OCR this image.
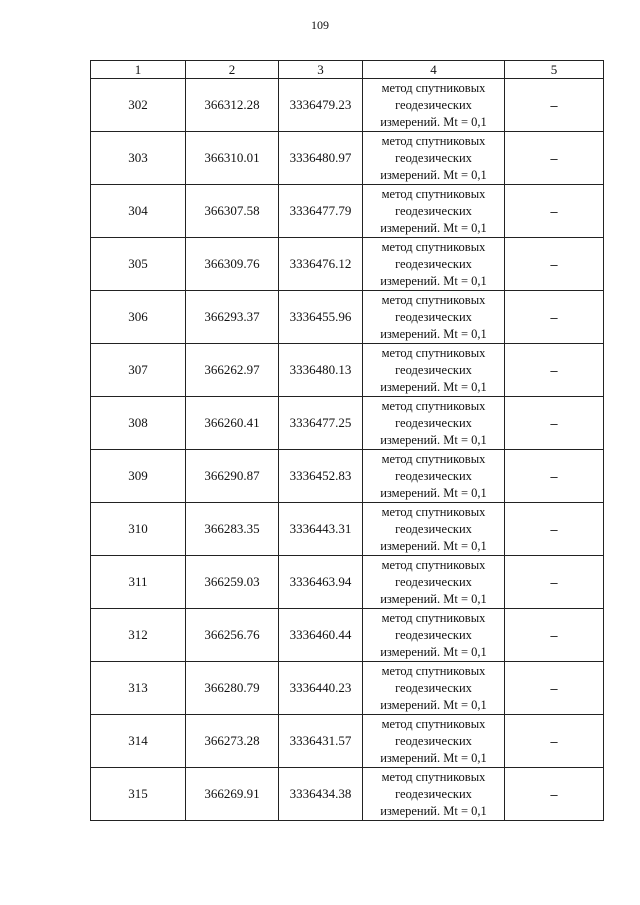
109
1	2	3	4	5
302	366312.28	3336479.23	метод спутниковых
геодезических
измерений. Mt = 0,1	–
303	366310.01	3336480.97	метод спутниковых
геодезических
измерений. Mt = 0,1	–
304	366307.58	3336477.79	метод спутниковых
геодезических
измерений. Mt = 0,1	–
305	366309.76	3336476.12	метод спутниковых
геодезических
измерений. Mt = 0,1	–
306	366293.37	3336455.96	метод спутниковых
геодезических
измерений. Mt = 0,1	–
307	366262.97	3336480.13	метод спутниковых
геодезических
измерений. Mt = 0,1	–
308	366260.41	3336477.25	метод спутниковых
геодезических
измерений. Mt = 0,1	–
309	366290.87	3336452.83	метод спутниковых
геодезических
измерений. Mt = 0,1	–
310	366283.35	3336443.31	метод спутниковых
геодезических
измерений. Mt = 0,1	–
311	366259.03	3336463.94	метод спутниковых
геодезических
измерений. Mt = 0,1	–
312	366256.76	3336460.44	метод спутниковых
геодезических
измерений. Mt = 0,1	–
313	366280.79	3336440.23	метод спутниковых
геодезических
измерений. Mt = 0,1	–
314	366273.28	3336431.57	метод спутниковых
геодезических
измерений. Mt = 0,1	–
315	366269.91	3336434.38	метод спутниковых
геодезических
измерений. Mt = 0,1	–
